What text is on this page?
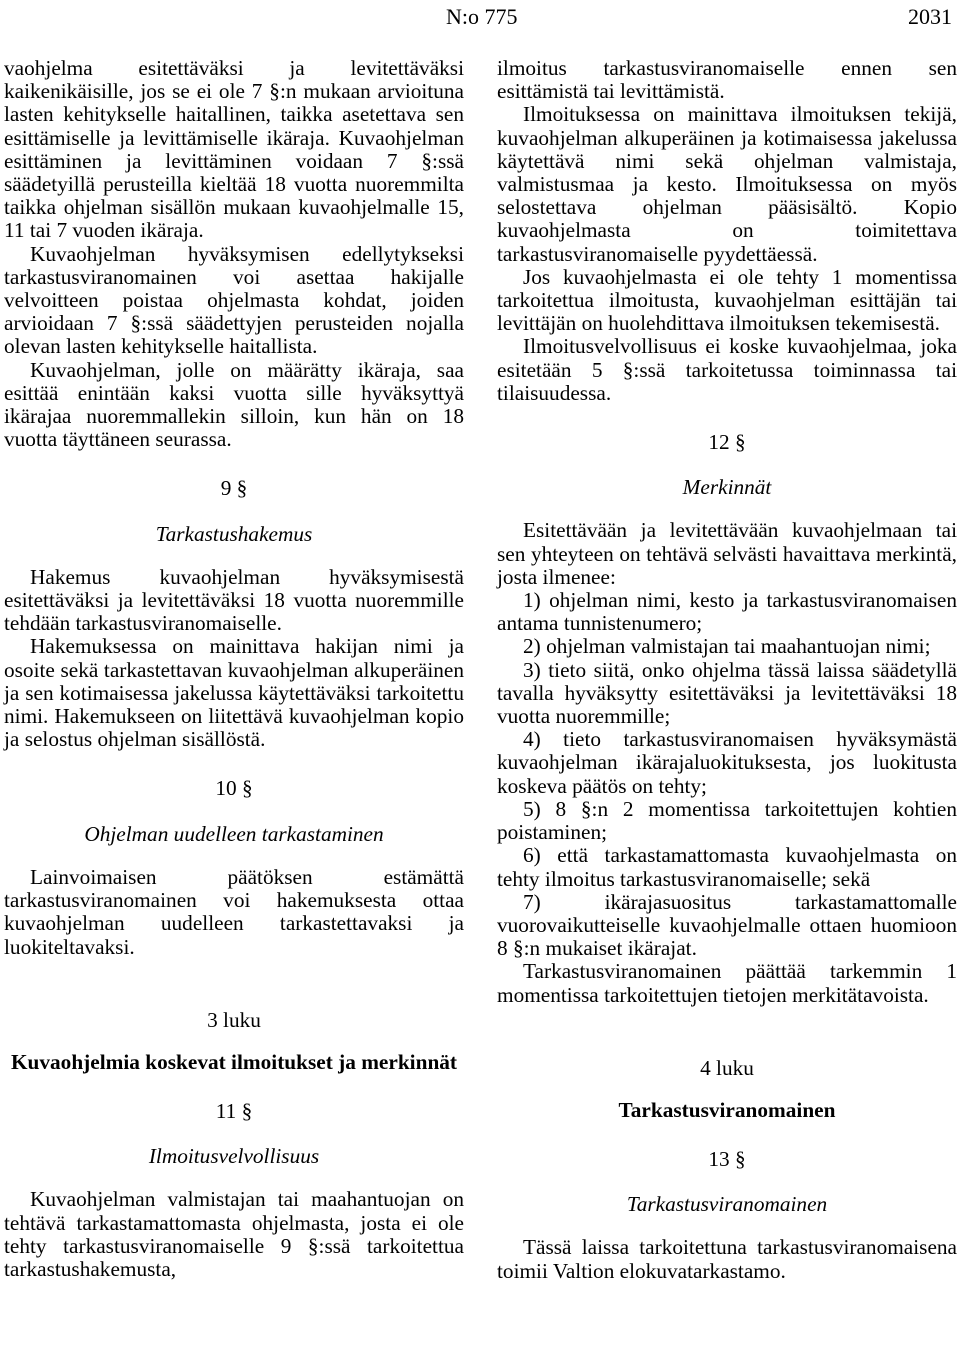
N:o 775	2031

vaohjelma esitettäväksi ja levitettäväksi kaikenikäisille, jos se ei ole 7 §:n mukaan arvioituna lasten kehitykselle haitallinen, taikka asetettava sen esittämiselle ja levittämiselle ikäraja. Kuvaohjelman esittäminen ja levittäminen voidaan 7 §:ssä säädetyillä perusteilla kieltää 18 vuotta nuoremmilta taikka ohjelman sisällön mukaan kuvaohjelmalle 15, 11 tai 7 vuoden ikäraja.

Kuvaohjelman hyväksymisen edellytykseksi tarkastusviranomainen voi asettaa hakijalle velvoitteen poistaa ohjelmasta kohdat, joiden arvioidaan 7 §:ssä säädettyjen perusteiden nojalla olevan lasten kehitykselle haitallista.

Kuvaohjelman, jolle on määrätty ikäraja, saa esittää enintään kaksi vuotta sille hyväksyttyä ikärajaa nuoremmallekin silloin, kun hän on 18 vuotta täyttäneen seurassa.

9 §
Tarkastushakemus

Hakemus kuvaohjelman hyväksymisestä esitettäväksi ja levitettäväksi 18 vuotta nuoremmille tehdään tarkastusviranomaiselle.

Hakemuksessa on mainittava hakijan nimi ja osoite sekä tarkastettavan kuvaohjelman alkuperäinen ja sen kotimaisessa jakelussa käytettäväksi tarkoitettu nimi. Hakemukseen on liitettävä kuvaohjelman kopio ja selostus ohjelman sisällöstä.

10 §
Ohjelman uudelleen tarkastaminen

Lainvoimaisen päätöksen estämättä tarkastusviranomainen voi hakemuksesta ottaa kuvaohjelman uudelleen tarkastettavaksi ja luokiteltavaksi.

3 luku
Kuvaohjelmia koskevat ilmoitukset ja merkinnät
11 §
Ilmoitusvelvollisuus

Kuvaohjelman valmistajan tai maahantuojan on tehtävä tarkastamattomasta ohjelmasta, josta ei ole tehty tarkastusviranomaiselle 9 §:ssä tarkoitettua tarkastushakemusta,

ilmoitus tarkastusviranomaiselle ennen sen esittämistä tai levittämistä.

Ilmoituksessa on mainittava ilmoituksen tekijä, kuvaohjelman alkuperäinen ja kotimaisessa jakelussa käytettävä nimi sekä ohjelman valmistaja, valmistusmaa ja kesto. Ilmoituksessa on myös selostettava ohjelman pääsisältö. Kopio kuvaohjelmasta on toimitettava tarkastusviranomaiselle pyydettäessä.

Jos kuvaohjelmasta ei ole tehty 1 momentissa tarkoitettua ilmoitusta, kuvaohjelman esittäjän tai levittäjän on huolehdittava ilmoituksen tekemisestä.

Ilmoitusvelvollisuus ei koske kuvaohjelmaa, joka esitetään 5 §:ssä tarkoitetussa toiminnassa tai tilaisuudessa.

12 §
Merkinnät

Esitettävään ja levitettävään kuvaohjelmaan tai sen yhteyteen on tehtävä selvästi havaittava merkintä, josta ilmenee:

1) ohjelman nimi, kesto ja tarkastusviranomaisen antama tunnistenumero;

2) ohjelman valmistajan tai maahantuojan nimi;

3) tieto siitä, onko ohjelma tässä laissa säädetyllä tavalla hyväksytty esitettäväksi ja levitettäväksi 18 vuotta nuoremmille;

4) tieto tarkastusviranomaisen hyväksymästä kuvaohjelman ikärajaluokituksesta, jos luokitusta koskeva päätös on tehty;

5) 8 §:n 2 momentissa tarkoitettujen kohtien poistaminen;

6) että tarkastamattomasta kuvaohjelmasta on tehty ilmoitus tarkastusviranomaiselle; sekä

7) ikärajasuositus tarkastamattomalle vuorovaikutteiselle kuvaohjelmalle ottaen huomioon 8 §:n mukaiset ikärajat.

Tarkastusviranomainen päättää tarkemmin 1 momentissa tarkoitettujen tietojen merkitätavoista.

4 luku
Tarkastusviranomainen
13 §
Tarkastusviranomainen

Tässä laissa tarkoitettuna tarkastusviranomaisena toimii Valtion elokuvatarkastamo.
